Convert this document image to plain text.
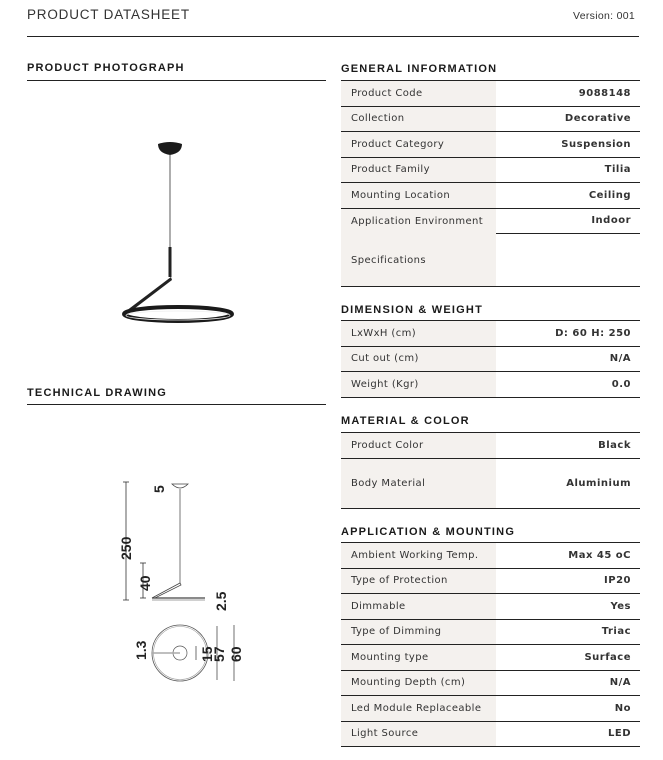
PRODUCT DATASHEET	Version: 001
PRODUCT PHOTOGRAPH
TECHNICAL DRAWING
250
5
40
2.5
1.3	15
57 60
GENERAL INFORMATION
Product Code	9088148
Collection	Decorative
Product Category	Suspension
Product Family	Tilia
Mounting Location	Ceiling
Application Environment	Indoor
Specifications
DIMENSION & WEIGHT
LxWxH (cm)	D: 60 H: 250
Cut out (cm)	N/A
Weight (Kgr)	0.0
MATERIAL & COLOR
Product Color	Black
Body Material	Aluminium
APPLICATION & MOUNTING
Ambient Working Temp.	Max 45 oC
Type of Protection	IP20
Dimmable	Yes
Type of Dimming	Triac
Mounting type	Surface
Mounting Depth (cm)	N/A
Led Module Replaceable	No
Light Source	LED
